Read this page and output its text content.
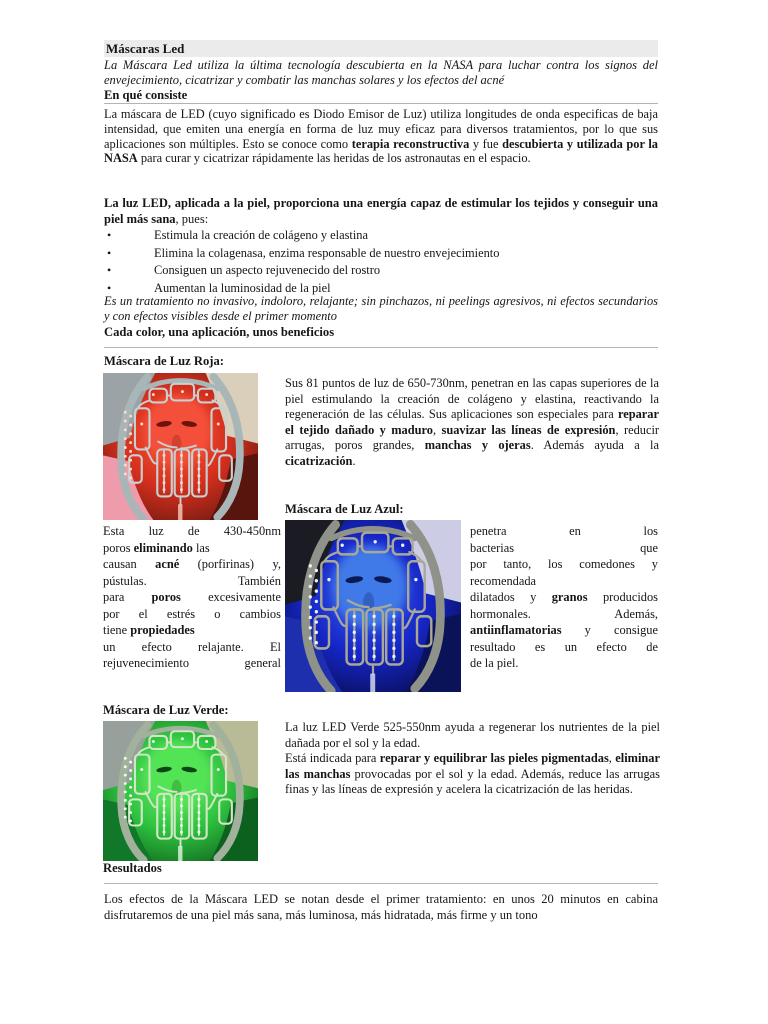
Máscaras Led
La Máscara Led utiliza la última tecnología descubierta en la NASA para luchar contra los signos del envejecimiento, cicatrizar y combatir las manchas solares y los efectos del acné
En qué consiste
La máscara de LED (cuyo significado es Diodo Emisor de Luz) utiliza longitudes de onda especificas de baja intensidad, que emiten una energía en forma de luz muy eficaz para diversos tratamientos, por lo que sus aplicaciones son múltiples. Esto se conoce como terapia reconstructiva y fue descubierta y utilizada por la NASA para curar y cicatrizar rápidamente las heridas de los astronautas en el espacio.
La luz LED, aplicada a la piel, proporciona una energía capaz de estimular los tejidos y conseguir una piel más sana, pues:
•	Estimula la creación de colágeno y elastina
•	Elimina la colagenasa, enzima responsable de nuestro envejecimiento
•	Consiguen un aspecto rejuvenecido del rostro
•	Aumentan la luminosidad de la piel
Es un tratamiento no invasivo, indoloro, relajante; sin pinchazos, ni peelings agresivos, ni efectos secundarios y con efectos visibles desde el primer momento
Cada color, una aplicación, unos beneficios
Máscara de Luz Roja:
Sus 81 puntos de luz de 650-730nm, penetran en las capas superiores de la piel estimulando la creación de colágeno y elastina, reactivando la regeneración de las células. Sus aplicaciones son especiales para reparar el tejido dañado y maduro, suavizar las líneas de expresión, reducir arrugas, poros grandes, manchas y ojeras. Además ayuda a la cicatrización.
Máscara de Luz Azul:
Esta luz de 430-450nm
poros eliminando las
causan acné (porfirinas) y,
pústulas.	También
para poros excesivamente
por el estrés o cambios
tiene propiedades
un efecto relajante. El
rejuvenecimiento	general
penetra	en	los
bacterias	que
por tanto, los comedones y
recomendada
dilatados y granos producidos
hormonales.	Además,
antiinflamatorias y consigue
resultado es un efecto de
de la piel.
Máscara de Luz Verde:
La luz LED Verde 525-550nm ayuda a regenerar los nutrientes de la piel dañada por el sol y la edad.
Está indicada para reparar y equilibrar las pieles pigmentadas, eliminar las manchas provocadas por el sol y la edad. Además, reduce las arrugas finas y las líneas de expresión y acelera la cicatrización de las heridas.
Resultados
Los efectos de la Máscara LED se notan desde el primer tratamiento: en unos 20 minutos en cabina disfrutaremos de una piel más sana, más luminosa, más hidratada, más firme y un tono
